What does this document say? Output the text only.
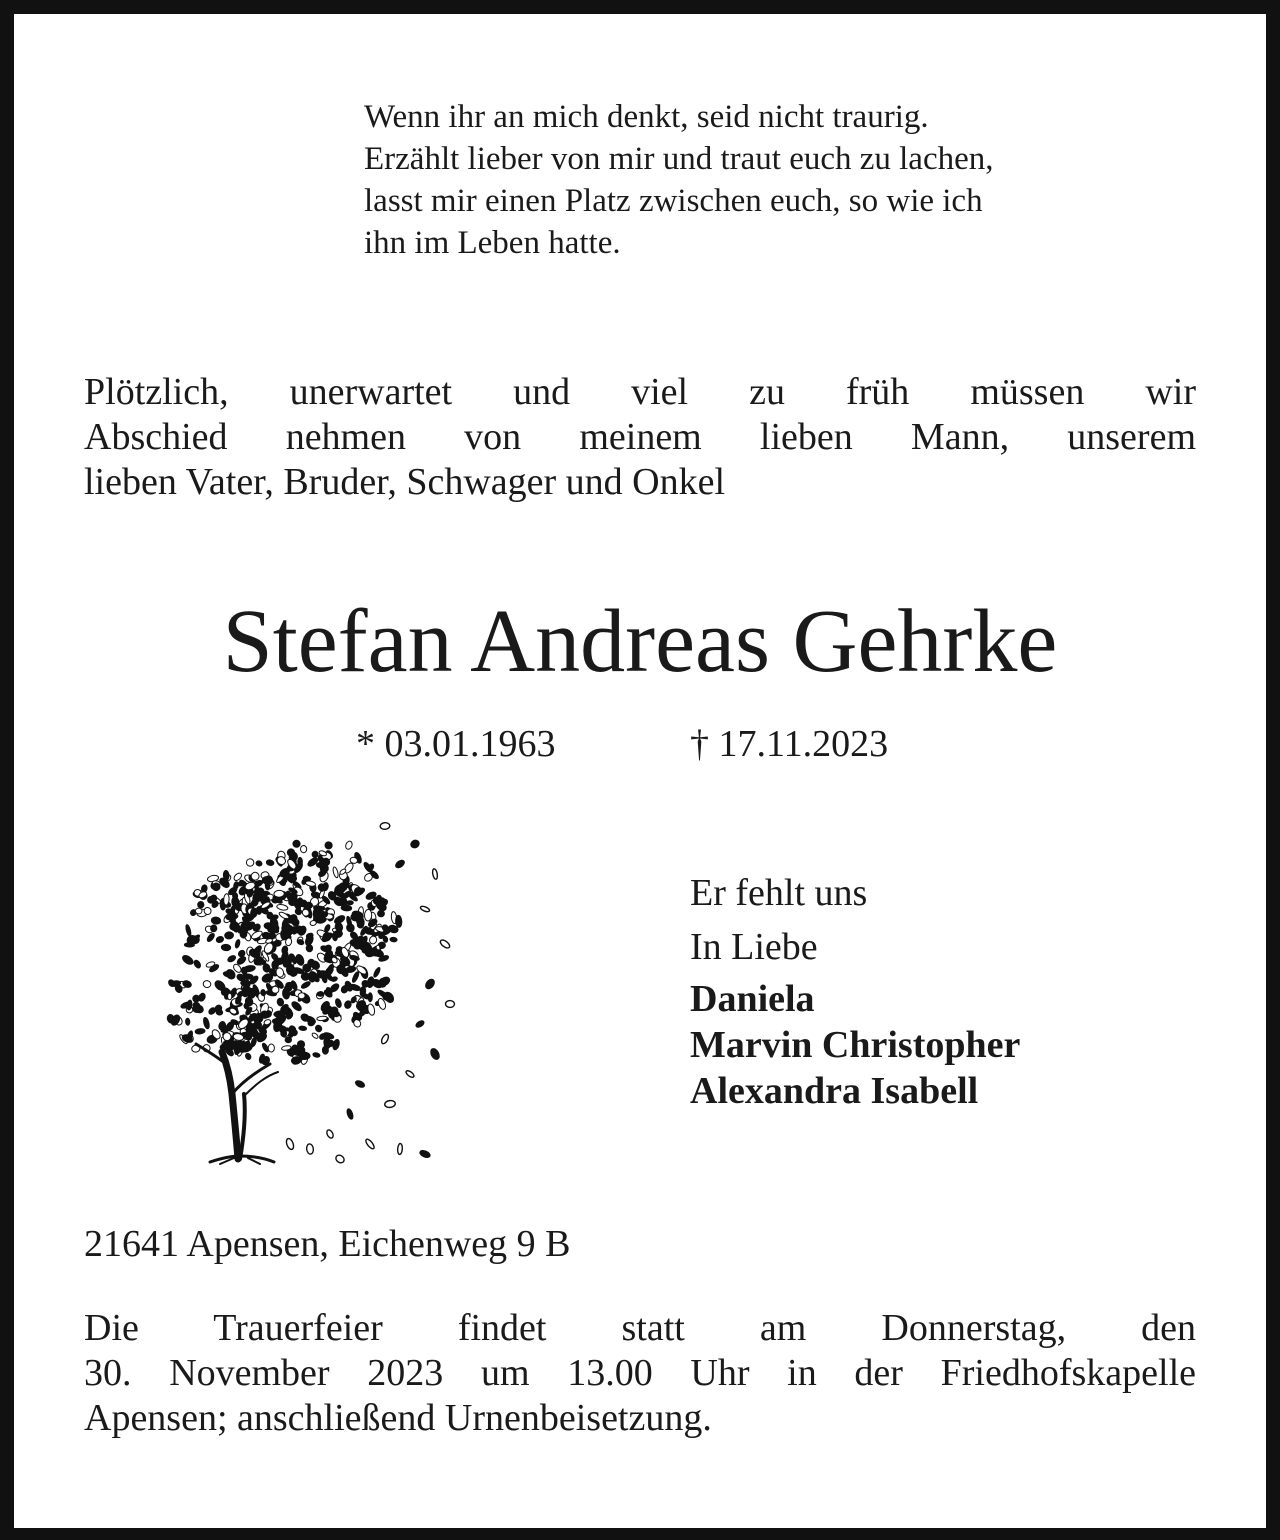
Wenn ihr an mich denkt, seid nicht traurig.
Erzählt lieber von mir und traut euch zu lachen,
lasst mir einen Platz zwischen euch, so wie ich
ihn im Leben hatte.
Plötzlich, unerwartet und viel zu früh müssen wir
Abschied nehmen von meinem lieben Mann, unserem
lieben Vater, Bruder, Schwager und Onkel
Stefan Andreas Gehrke
* 03.01.1963	† 17.11.2023
Er fehlt uns
In Liebe
Daniela
Marvin Christopher
Alexandra Isabell
21641 Apensen, Eichenweg 9 B
Die Trauerfeier findet statt am Donnerstag, den
30. November 2023 um 13.00 Uhr in der Friedhofskapelle
Apensen; anschließend Urnenbeisetzung.
